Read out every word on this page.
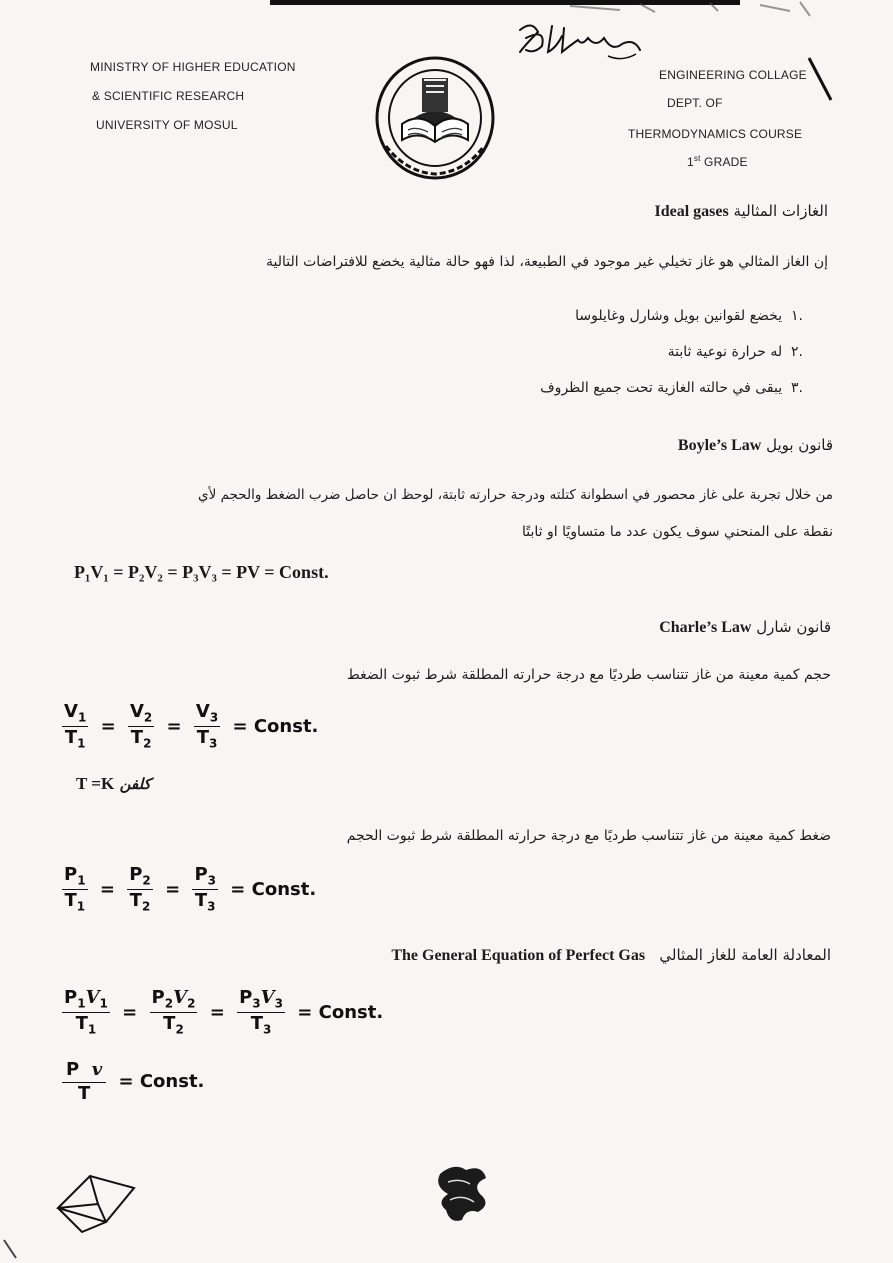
MINISTRY OF HIGHER EDUCATION
& SCIENTIFIC RESEARCH
UNIVERSITY OF MOSUL
ENGINEERING COLLAGE
DEPT. OF
THERMODYNAMICS COURSE
1st GRADE
الغازات المثالية Ideal gases
إن الغاز المثالي هو غاز تخيلي غير موجود في الطبيعة، لذا فهو حالة مثالية يخضع للافتراضات التالية
.١  يخضع لقوانين بويل وشارل وغايلوسا
.٢  له حرارة نوعية ثابتة
.٣  يبقى في حالته الغازية تحت جميع الظروف
قانون بويل Boyle’s Law
من خلال تجربة على غاز محصور في اسطوانة كتلته ودرجة حرارته ثابتة، لوحظ ان حاصل ضرب الضغط والحجم لأي
نقطة على المنحني سوف يكون عدد ما متساويًا او ثابتًا
P₁V₁ = P₂V₂ = P₃V₃ = PV = Const.
قانون شارل Charle’s Law
حجم كمية معينة من غاز تتناسب طرديًا مع درجة حرارته المطلقة شرط ثبوت الضغط
$\frac{V_1}{T_1} = \frac{V_2}{T_2} = \frac{V_3}{T_3}$ = Const.
T =K كلفن
ضغط كمية معينة من غاز تتناسب طرديًا مع درجة حرارته المطلقة شرط ثبوت الحجم
$\frac{P_1}{T_1} = \frac{P_2}{T_2} = \frac{P_3}{T_3}$ = Const.
المعادلة العامة للغاز المثالي   The General Equation of Perfect Gas
$\frac{P_1V_1}{T_1} = \frac{P_2V_2}{T_2} = \frac{P_3V_3}{T_3}$ = Const.
$\frac{\text{P v}}{T}$ = Const.
